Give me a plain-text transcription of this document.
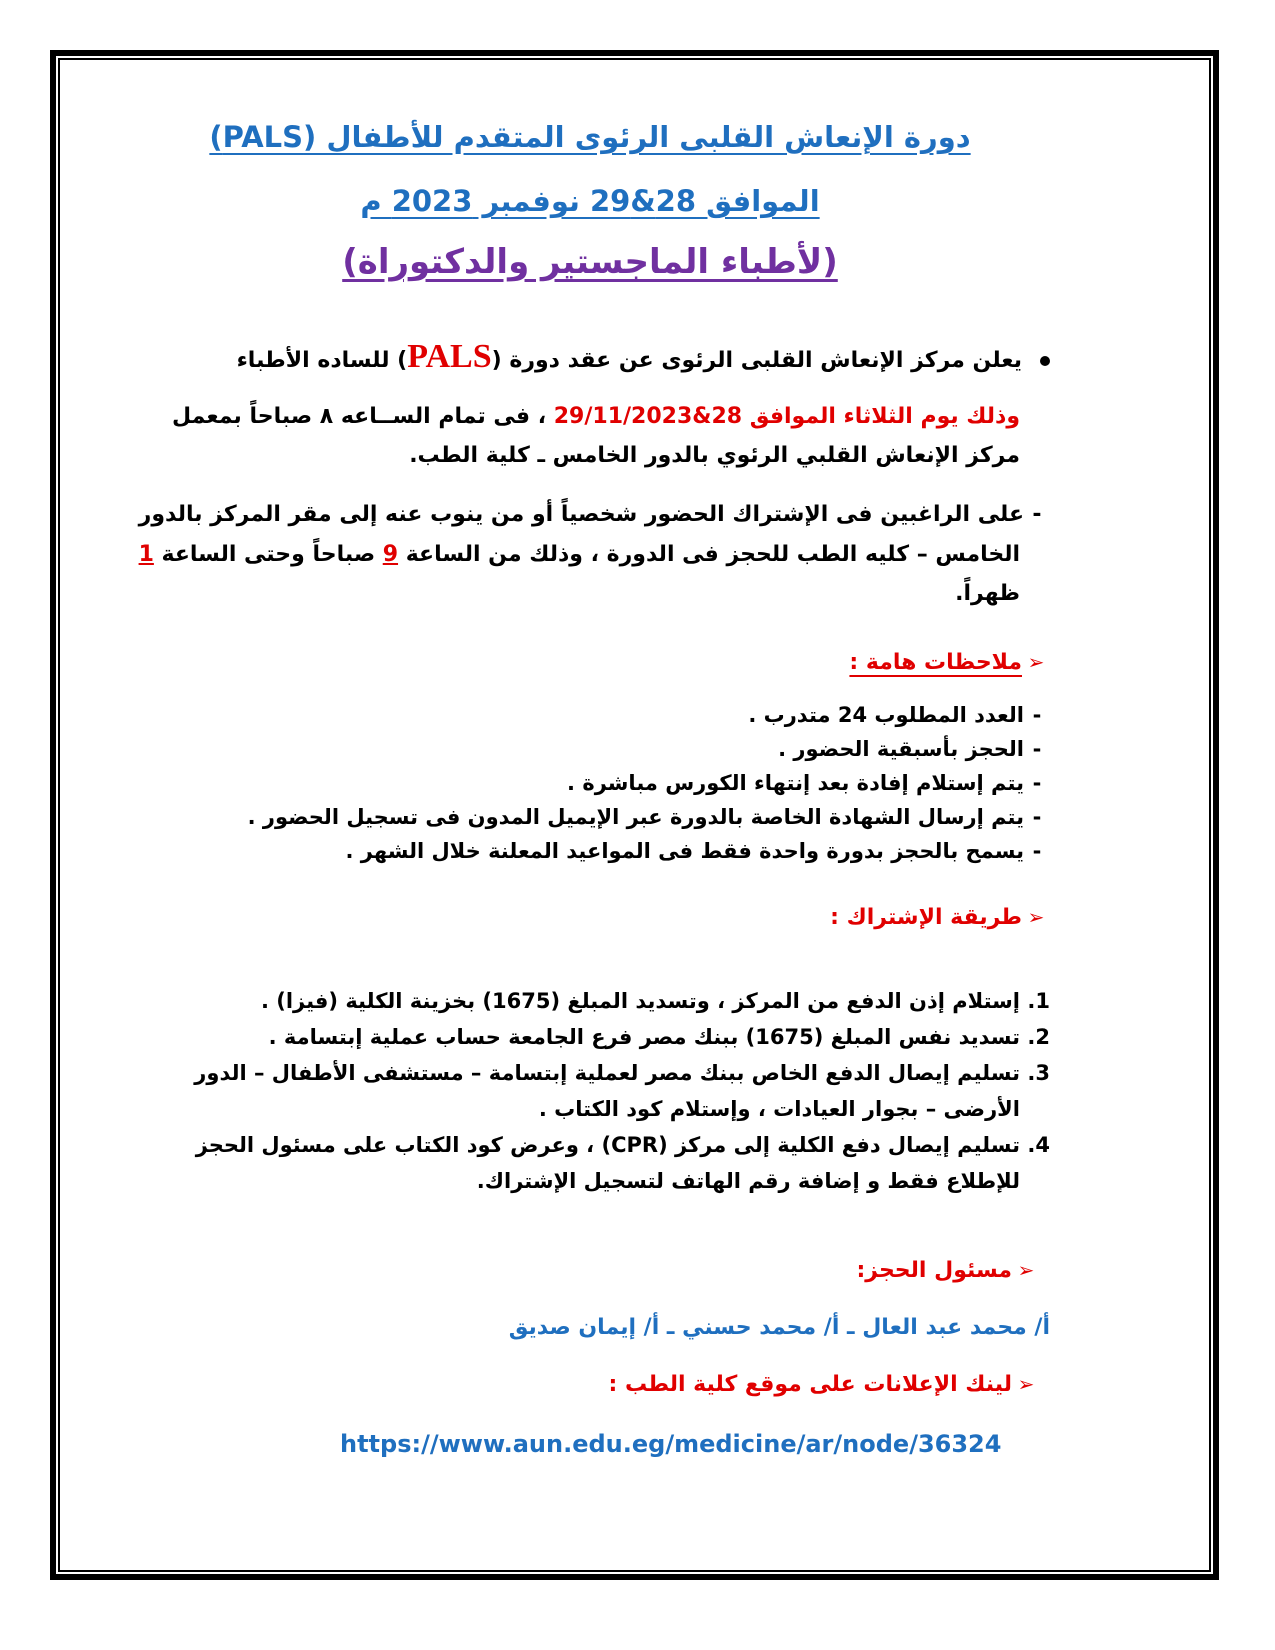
دورة الإنعاش القلبى الرئوى المتقدم للأطفال (PALS)
الموافق 28&29 نوفمبر 2023 م
(لأطباء الماجستير والدكتوراة)
يعلن مركز الإنعاش القلبى الرئوى عن عقد دورة (PALS) للساده الأطباء
وذلك يوم الثلاثاء الموافق 28&29/11/2023 ، فى تمام الســاعه ٨ صباحاً بمعمل
مركز الإنعاش القلبي الرئوي بالدور الخامس ـ كلية الطب.
-على الراغبين فى الإشتراك الحضور شخصياً أو من ينوب عنه إلى مقر المركز بالدور
الخامس – كليه الطب للحجز فى الدورة ، وذلك من الساعة 9 صباحاً وحتى الساعة 1
ظهراً.
➢ملاحظات هامة :
-العدد المطلوب 24 متدرب .
-الحجز بأسبقية الحضور .
-يتم إستلام إفادة بعد إنتهاء الكورس مباشرة .
-يتم إرسال الشهادة الخاصة بالدورة عبر الإيميل المدون فى تسجيل الحضور .
-يسمح بالحجز بدورة واحدة فقط فى المواعيد المعلنة خلال الشهر .
➢طريقة الإشتراك :
1.إستلام إذن الدفع من المركز ، وتسديد المبلغ (1675) بخزينة الكلية (فيزا) .
2.تسديد نفس المبلغ (1675) ببنك مصر فرع الجامعة حساب عملية إبتسامة .
3.تسليم إيصال الدفع الخاص ببنك مصر لعملية إبتسامة – مستشفى الأطفال – الدور
الأرضى – بجوار العيادات ، وإستلام كود الكتاب .
4.تسليم إيصال دفع الكلية إلى مركز (CPR) ، وعرض كود الكتاب على مسئول الحجز
للإطلاع فقط و إضافة رقم الهاتف لتسجيل الإشتراك.
➢مسئول الحجز:
أ/ محمد عبد العال ـ أ/ محمد حسني ـ أ/ إيمان صديق
➢لينك الإعلانات على موقع كلية الطب :
https://www.aun.edu.eg/medicine/ar/node/36324
